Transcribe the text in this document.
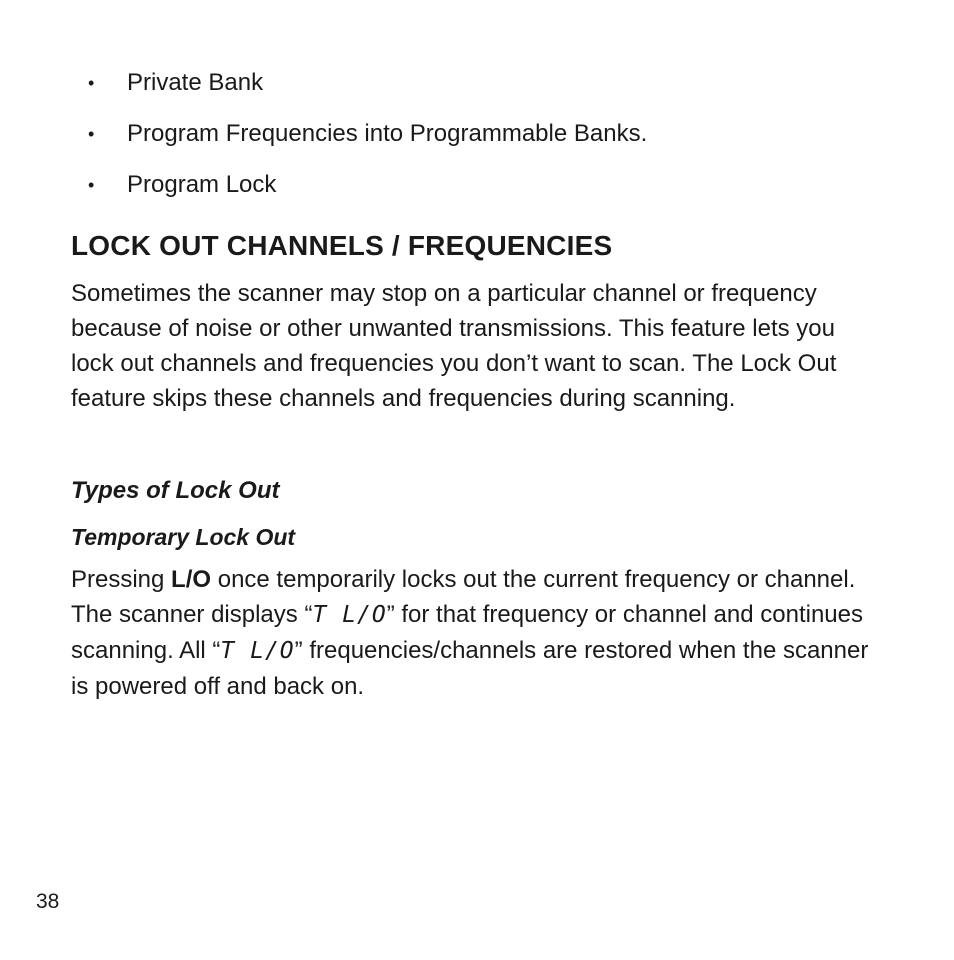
• Private Bank
• Program Frequencies into Programmable Banks.
• Program Lock
LOCK OUT CHANNELS / FREQUENCIES

Sometimes the scanner may stop on a particular channel or frequency because of noise or other unwanted transmissions. This feature lets you lock out channels and frequencies you don’t want to scan. The Lock Out feature skips these channels and frequencies during scanning.

Types of Lock Out
Temporary Lock Out

Pressing L/O once temporarily locks out the current frequency or channel. The scanner displays “T L/O” for that frequency or channel and continues scanning. All “T L/O” frequencies/channels are restored when the scanner is powered off and back on.

38
